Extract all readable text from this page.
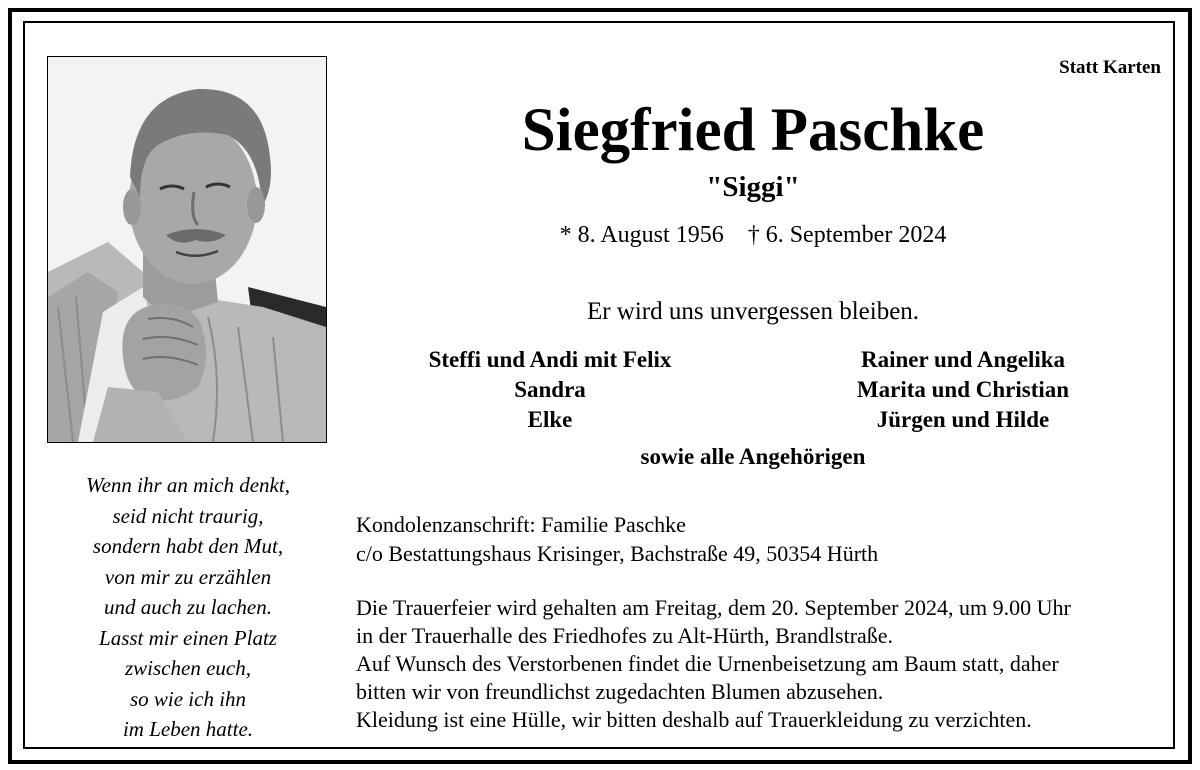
Wenn ihr an mich denkt,
seid nicht traurig,
sondern habt den Mut,
von mir zu erzählen
und auch zu lachen.
Lasst mir einen Platz
zwischen euch,
so wie ich ihn
im Leben hatte.
Statt Karten
Siegfried Paschke
"Siggi"
* 8. August 1956 † 6. September 2024
Er wird uns unvergessen bleiben.
Steffi und Andi mit Felix
Sandra
Elke
Rainer und Angelika
Marita und Christian
Jürgen und Hilde
sowie alle Angehörigen
Kondolenzanschrift: Familie Paschke
c/o Bestattungshaus Krisinger, Bachstraße 49, 50354 Hürth
Die Trauerfeier wird gehalten am Freitag, dem 20. September 2024, um 9.00 Uhr
in der Trauerhalle des Friedhofes zu Alt-Hürth, Brandlstraße.
Auf Wunsch des Verstorbenen findet die Urnenbeisetzung am Baum statt, daher
bitten wir von freundlichst zugedachten Blumen abzusehen.
Kleidung ist eine Hülle, wir bitten deshalb auf Trauerkleidung zu verzichten.
